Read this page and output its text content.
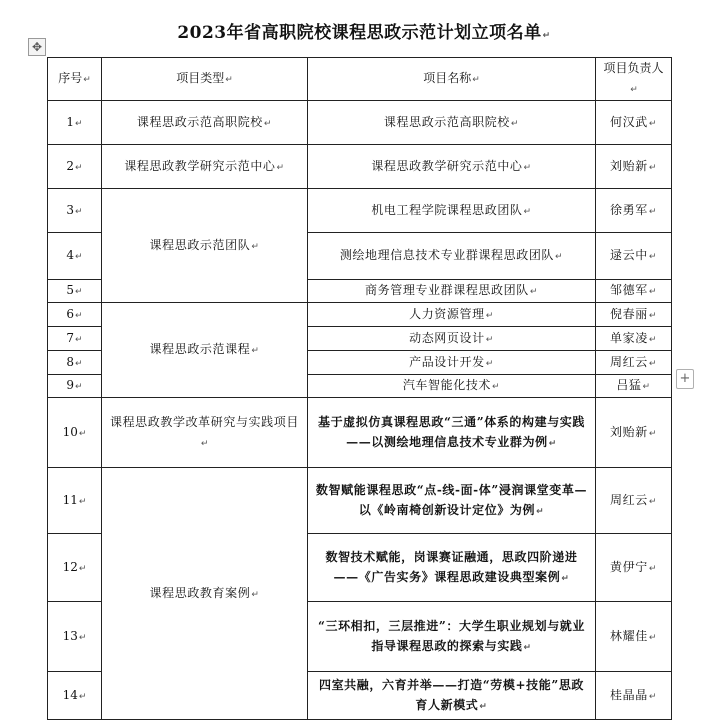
2023年省高职院校课程思政示范计划立项名单↵
✥
+
序号↵	项目类型↵	项目名称↵	项目负责人↵
1↵	课程思政示范高职院校↵	课程思政示范高职院校↵	何汉武↵
2↵	课程思政教学研究示范中心↵	课程思政教学研究示范中心↵	刘贻新↵
3↵	课程思政示范团队↵	机电工程学院课程思政团队↵	徐勇军↵
4↵		测绘地理信息技术专业群课程思政团队↵	逯云中↵
5↵		商务管理专业群课程思政团队↵	邹德军↵
6↵	课程思政示范课程↵	人力资源管理↵	倪春丽↵
7↵		动态网页设计↵	单家凌↵
8↵		产品设计开发↵	周红云↵
9↵		汽车智能化技术↵	吕猛↵
10↵	课程思政教学改革研究与实践项目↵	基于虚拟仿真课程思政“三通”体系的构建与实践——以测绘地理信息技术专业群为例↵	刘贻新↵
11↵	课程思政教育案例↵	数智赋能课程思政“点-线-面-体”浸润课堂变革—以《岭南椅创新设计定位》为例↵	周红云↵
12↵		数智技术赋能，岗课赛证融通，思政四阶递进——《广告实务》课程思政建设典型案例↵	黄伊宁↵
13↵		“三环相扣，三层推进”：大学生职业规划与就业指导课程思政的探索与实践↵	林耀佳↵
14↵		四室共融，六育并举——打造“劳模+技能”思政育人新模式↵	桂晶晶↵
